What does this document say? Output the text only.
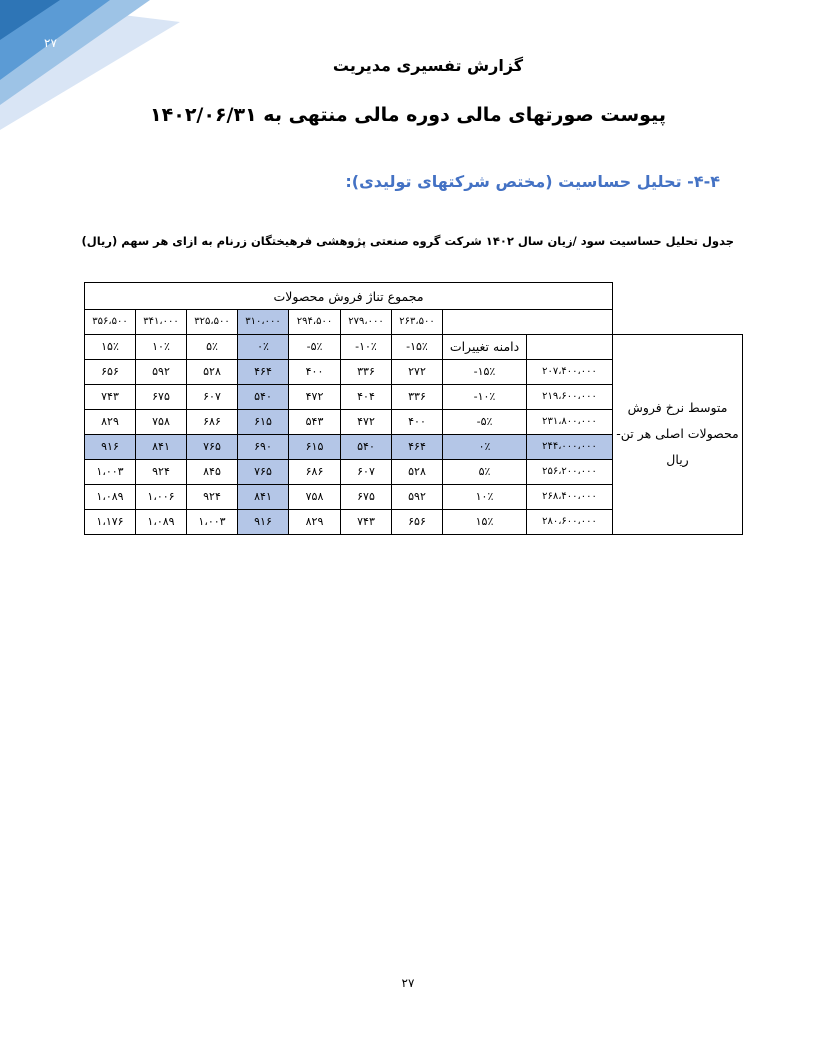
۲۷
گزارش تفسیری مدیریت
پیوست صورتهای مالی دوره مالی منتهی به ۱۴۰۲/۰۶/۳۱
۴-۴- تحلیل حساسیت (مختص شرکتهای تولیدی):
جدول تحلیل حساسیت سود /زیان سال ۱۴۰۲ شرکت گروه صنعتی پژوهشی فرهیختگان زرنام به ازای هر سهم (ریال)
مجموع تناژ فروش محصولات									
۳۵۶،۵۰۰	۳۴۱،۰۰۰	۳۲۵،۵۰۰	۳۱۰،۰۰۰	۲۹۴،۵۰۰	۲۷۹،۰۰۰	۲۶۳،۵۰۰			
۱۵٪	۱۰٪	۵٪	۰٪	-۵٪	-۱۰٪	-۱۵٪	دامنه تغییرات		متوسط نرخ فروش محصولات اصلی هر تن-ریال
۶۵۶	۵۹۲	۵۲۸	۴۶۴	۴۰۰	۳۳۶	۲۷۲	-۱۵٪	۲۰۷،۴۰۰،۰۰۰	
۷۴۳	۶۷۵	۶۰۷	۵۴۰	۴۷۲	۴۰۴	۳۳۶	-۱۰٪	۲۱۹،۶۰۰،۰۰۰	
۸۲۹	۷۵۸	۶۸۶	۶۱۵	۵۴۳	۴۷۲	۴۰۰	-۵٪	۲۳۱،۸۰۰،۰۰۰	
۹۱۶	۸۴۱	۷۶۵	۶۹۰	۶۱۵	۵۴۰	۴۶۴	۰٪	۲۴۴،۰۰۰،۰۰۰	
۱،۰۰۳	۹۲۴	۸۴۵	۷۶۵	۶۸۶	۶۰۷	۵۲۸	۵٪	۲۵۶،۲۰۰،۰۰۰	
۱،۰۸۹	۱،۰۰۶	۹۲۴	۸۴۱	۷۵۸	۶۷۵	۵۹۲	۱۰٪	۲۶۸،۴۰۰،۰۰۰	
۱،۱۷۶	۱،۰۸۹	۱،۰۰۳	۹۱۶	۸۲۹	۷۴۳	۶۵۶	۱۵٪	۲۸۰،۶۰۰،۰۰۰	
۲۷
